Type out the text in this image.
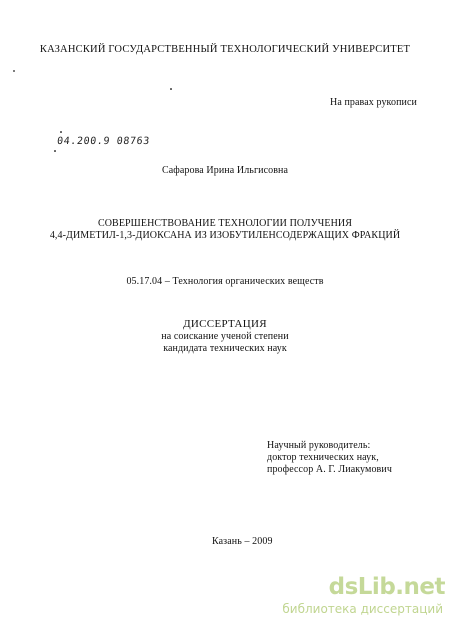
КАЗАНСКИЙ ГОСУДАРСТВЕННЫЙ ТЕХНОЛОГИЧЕСКИЙ УНИВЕРСИТЕТ
На правах рукописи
04.200.9 08763
Сафарова Ирина Ильгисовна
СОВЕРШЕНСТВОВАНИЕ ТЕХНОЛОГИИ ПОЛУЧЕНИЯ
4,4-ДИМЕТИЛ-1,3-ДИОКСАНА ИЗ ИЗОБУТИЛЕНСОДЕРЖАЩИХ ФРАКЦИЙ
05.17.04 – Технология органических веществ
ДИССЕРТАЦИЯ
на соискание ученой степени
кандидата технических наук
Научный руководитель:
доктор технических наук,
профессор А. Г. Лиакумович
Казань – 2009
dsLib.net
библиотека диссертаций
